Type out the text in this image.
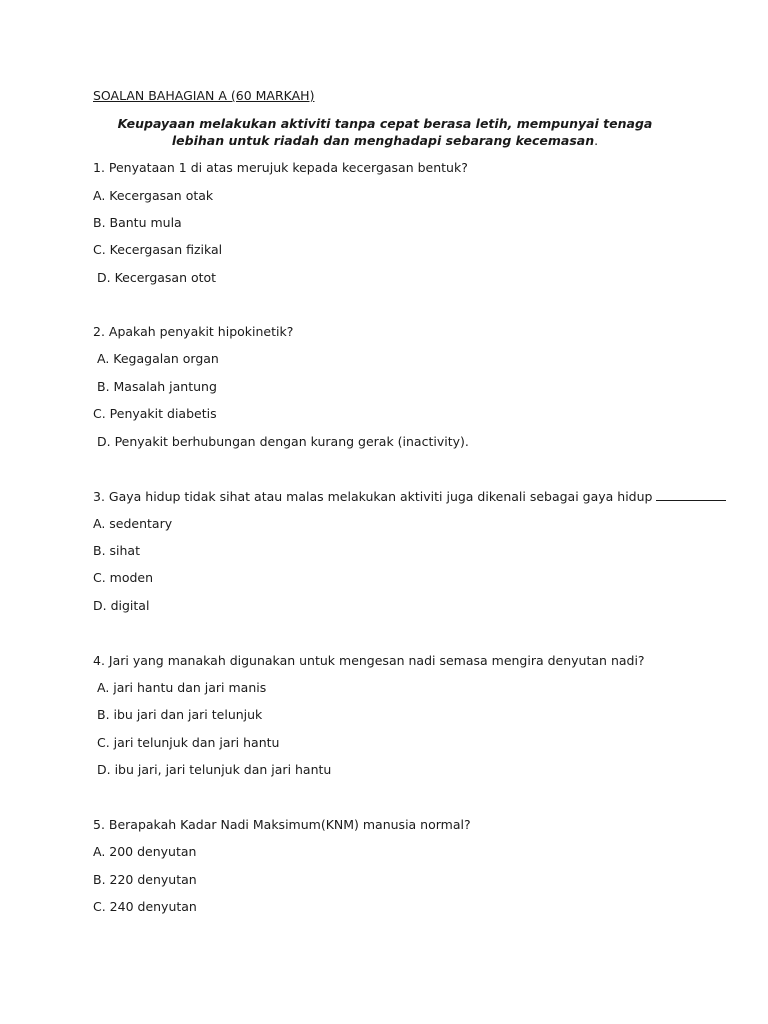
SOALAN BAHAGIAN A (60 MARKAH)
Keupayaan melakukan aktiviti tanpa cepat berasa letih, mempunyai tenaga lebihan untuk riadah dan menghadapi sebarang kecemasan.
1. Penyataan 1 di atas merujuk kepada kecergasan bentuk?
A. Kecergasan otak
B. Bantu mula
C. Kecergasan fizikal
D. Kecergasan otot
2. Apakah penyakit hipokinetik?
A. Kegagalan organ
B. Masalah jantung
C. Penyakit diabetis
D. Penyakit berhubungan dengan kurang gerak (inactivity).
3. Gaya hidup tidak sihat atau malas melakukan aktiviti juga dikenali sebagai gaya hidup
A. sedentary
B. sihat
C. moden
D. digital
4. Jari yang manakah digunakan untuk mengesan nadi semasa mengira denyutan nadi?
A. jari hantu dan jari manis
B. ibu jari dan jari telunjuk
C. jari telunjuk dan jari hantu
D. ibu jari, jari telunjuk dan jari hantu
5. Berapakah Kadar Nadi Maksimum(KNM) manusia normal?
A. 200 denyutan
B. 220 denyutan
C. 240 denyutan
